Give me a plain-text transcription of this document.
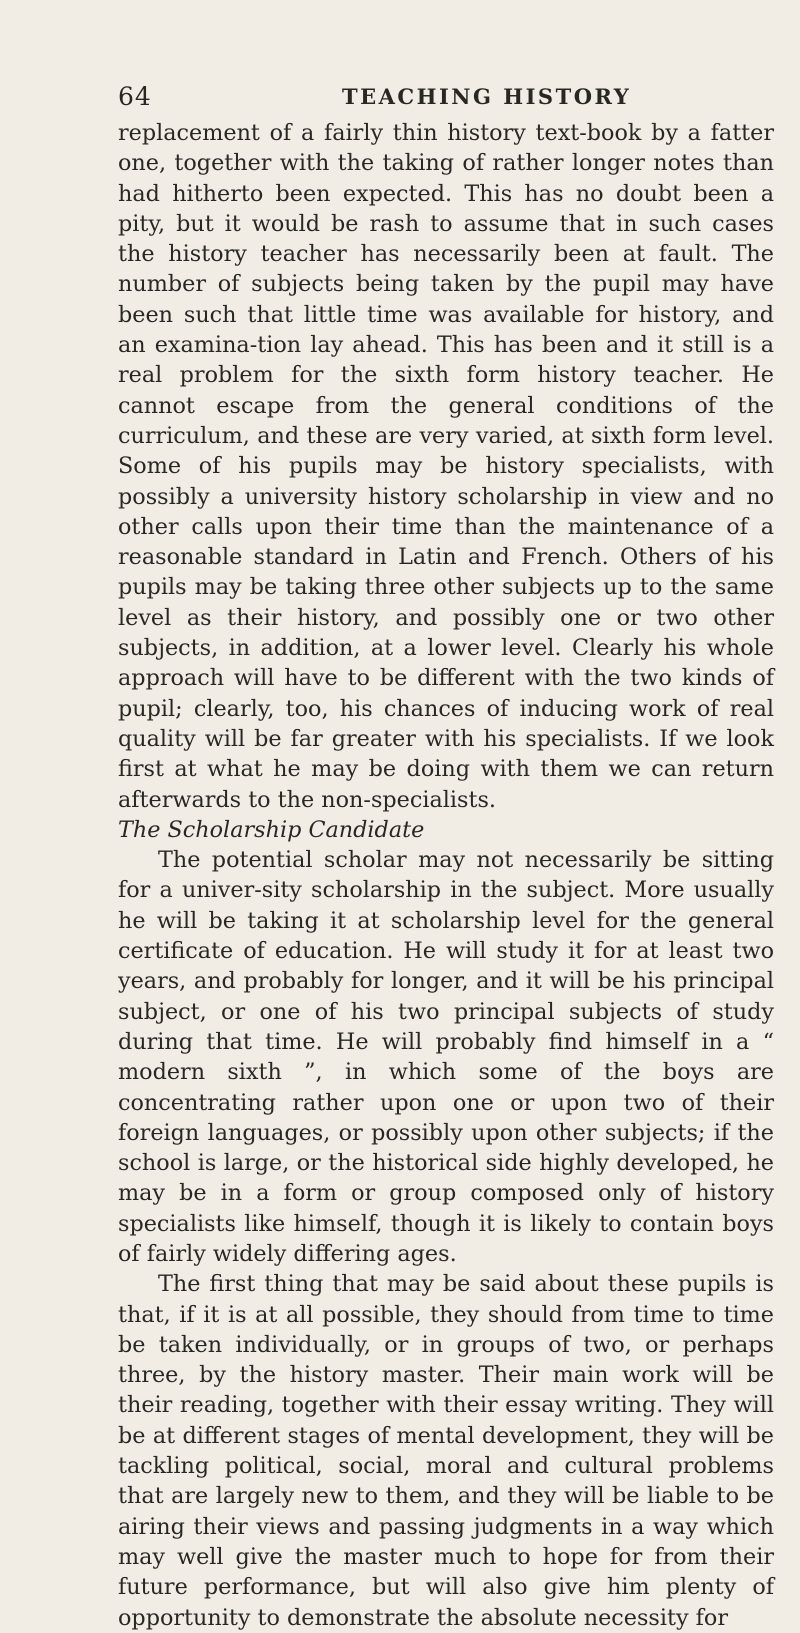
64	TEACHING HISTORY

replacement of a fairly thin history text-book by a fatter one, together with the taking of rather longer notes than had hitherto been expected. This has no doubt been a pity, but it would be rash to assume that in such cases the history teacher has necessarily been at fault. The number of subjects being taken by the pupil may have been such that little time was available for history, and an examina-tion lay ahead. This has been and it still is a real problem for the sixth form history teacher. He cannot escape from the general conditions of the curriculum, and these are very varied, at sixth form level. Some of his pupils may be history specialists, with possibly a university history scholarship in view and no other calls upon their time than the maintenance of a reasonable standard in Latin and French. Others of his pupils may be taking three other subjects up to the same level as their history, and possibly one or two other subjects, in addition, at a lower level. Clearly his whole approach will have to be different with the two kinds of pupil; clearly, too, his chances of inducing work of real quality will be far greater with his specialists. If we look first at what he may be doing with them we can return afterwards to the non-specialists.

The Scholarship Candidate

The potential scholar may not necessarily be sitting for a univer-sity scholarship in the subject. More usually he will be taking it at scholarship level for the general certificate of education. He will study it for at least two years, and probably for longer, and it will be his principal subject, or one of his two principal subjects of study during that time. He will probably find himself in a “ modern sixth ”, in which some of the boys are concentrating rather upon one or upon two of their foreign languages, or possibly upon other subjects; if the school is large, or the historical side highly developed, he may be in a form or group composed only of history specialists like himself, though it is likely to contain boys of fairly widely differing ages.

The first thing that may be said about these pupils is that, if it is at all possible, they should from time to time be taken individually, or in groups of two, or perhaps three, by the history master. Their main work will be their reading, together with their essay writing. They will be at different stages of mental development, they will be tackling political, social, moral and cultural problems that are largely new to them, and they will be liable to be airing their views and passing judgments in a way which may well give the master much to hope for from their future performance, but will also give him plenty of opportunity to demonstrate the absolute necessity for
